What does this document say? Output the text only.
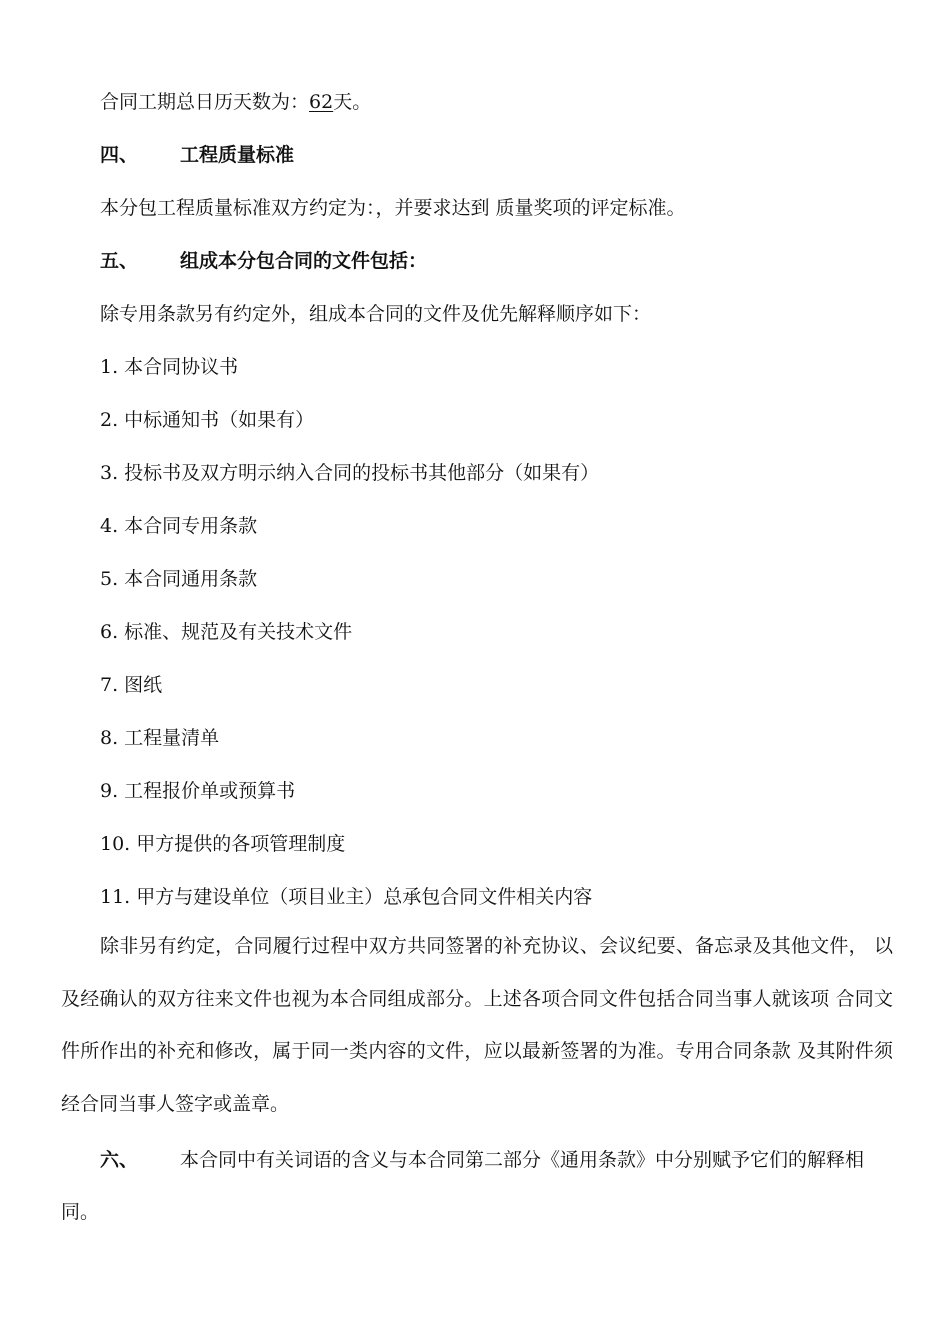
合同工期总日历天数为：62天。
四、 工程质量标准
本分包工程质量标准双方约定为：，并要求达到 质量奖项的评定标准。
五、 组成本分包合同的文件包括：
除专用条款另有约定外，组成本合同的文件及优先解释顺序如下：
1. 本合同协议书
2. 中标通知书（如果有）
3. 投标书及双方明示纳入合同的投标书其他部分（如果有）
4. 本合同专用条款
5. 本合同通用条款
6. 标准、规范及有关技术文件
7. 图纸
8. 工程量清单
9. 工程报价单或预算书
10. 甲方提供的各项管理制度
11. 甲方与建设单位（项目业主）总承包合同文件相关内容
除非另有约定，合同履行过程中双方共同签署的补充协议、会议纪要、备忘录及其他文件， 以及经确认的双方往来文件也视为本合同组成部分。上述各项合同文件包括合同当事人就该项 合同文件所作出的补充和修改，属于同一类内容的文件，应以最新签署的为准。专用合同条款 及其附件须经合同当事人签字或盖章。
六、 本合同中有关词语的含义与本合同第二部分《通用条款》中分别赋予它们的解释相同。
